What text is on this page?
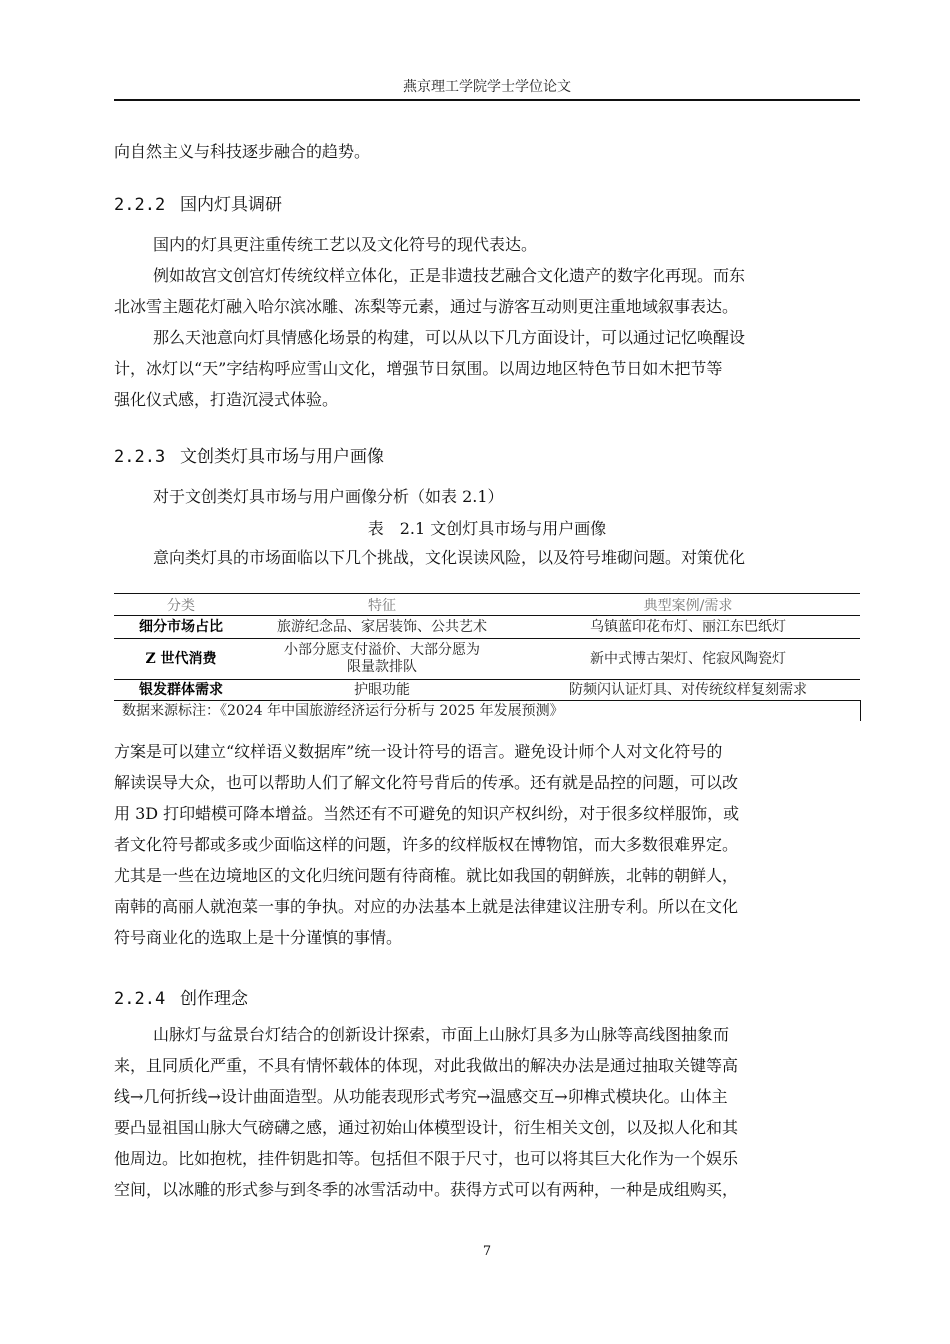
燕京理工学院学士学位论文

向自然主义与科技逐步融合的趋势。

2.2.2 国内灯具调研

国内的灯具更注重传统工艺以及文化符号的现代表达。

例如故宫文创宫灯传统纹样立体化，正是非遗技艺融合文化遗产的数字化再现。而东
北冰雪主题花灯融入哈尔滨冰雕、冻梨等元素，通过与游客互动则更注重地域叙事表达。

那么天池意向灯具情感化场景的构建，可以从以下几方面设计，可以通过记忆唤醒设
计，冰灯以“天”字结构呼应雪山文化，增强节日氛围。以周边地区特色节日如木把节等
强化仪式感，打造沉浸式体验。

2.2.3 文创类灯具市场与用户画像

对于文创类灯具市场与用户画像分析（如表 2.1）

表　2.1 文创灯具市场与用户画像

意向类灯具的市场面临以下几个挑战，文化误读风险，以及符号堆砌问题。对策优化

分类	特征	典型案例/需求
细分市场占比	旅游纪念品、家居装饰、公共艺术	乌镇蓝印花布灯、丽江东巴纸灯
Z 世代消费	小部分愿支付溢价、大部分愿为限量款排队	新中式博古架灯、侘寂风陶瓷灯
银发群体需求	护眼功能	防频闪认证灯具、对传统纹样复刻需求
数据来源标注：《2024 年中国旅游经济运行分析与 2025 年发展预测》		

方案是可以建立“纹样语义数据库”统一设计符号的语言。避免设计师个人对文化符号的
解读误导大众，也可以帮助人们了解文化符号背后的传承。还有就是品控的问题，可以改
用 3D 打印蜡模可降本增益。当然还有不可避免的知识产权纠纷，对于很多纹样服饰，或
者文化符号都或多或少面临这样的问题，许多的纹样版权在博物馆，而大多数很难界定。
尤其是一些在边境地区的文化归统问题有待商榷。就比如我国的朝鲜族，北韩的朝鲜人，
南韩的高丽人就泡菜一事的争执。对应的办法基本上就是法律建议注册专利。所以在文化
符号商业化的选取上是十分谨慎的事情。

2.2.4 创作理念

山脉灯与盆景台灯结合的创新设计探索，市面上山脉灯具多为山脉等高线图抽象而
来，且同质化严重，不具有情怀载体的体现，对此我做出的解决办法是通过抽取关键等高
线→几何折线→设计曲面造型。从功能表现形式考究→温感交互→卯榫式模块化。山体主
要凸显祖国山脉大气磅礴之感，通过初始山体模型设计，衍生相关文创，以及拟人化和其
他周边。比如抱枕，挂件钥匙扣等。包括但不限于尺寸，也可以将其巨大化作为一个娱乐
空间，以冰雕的形式参与到冬季的冰雪活动中。获得方式可以有两种，一种是成组购买，

7
